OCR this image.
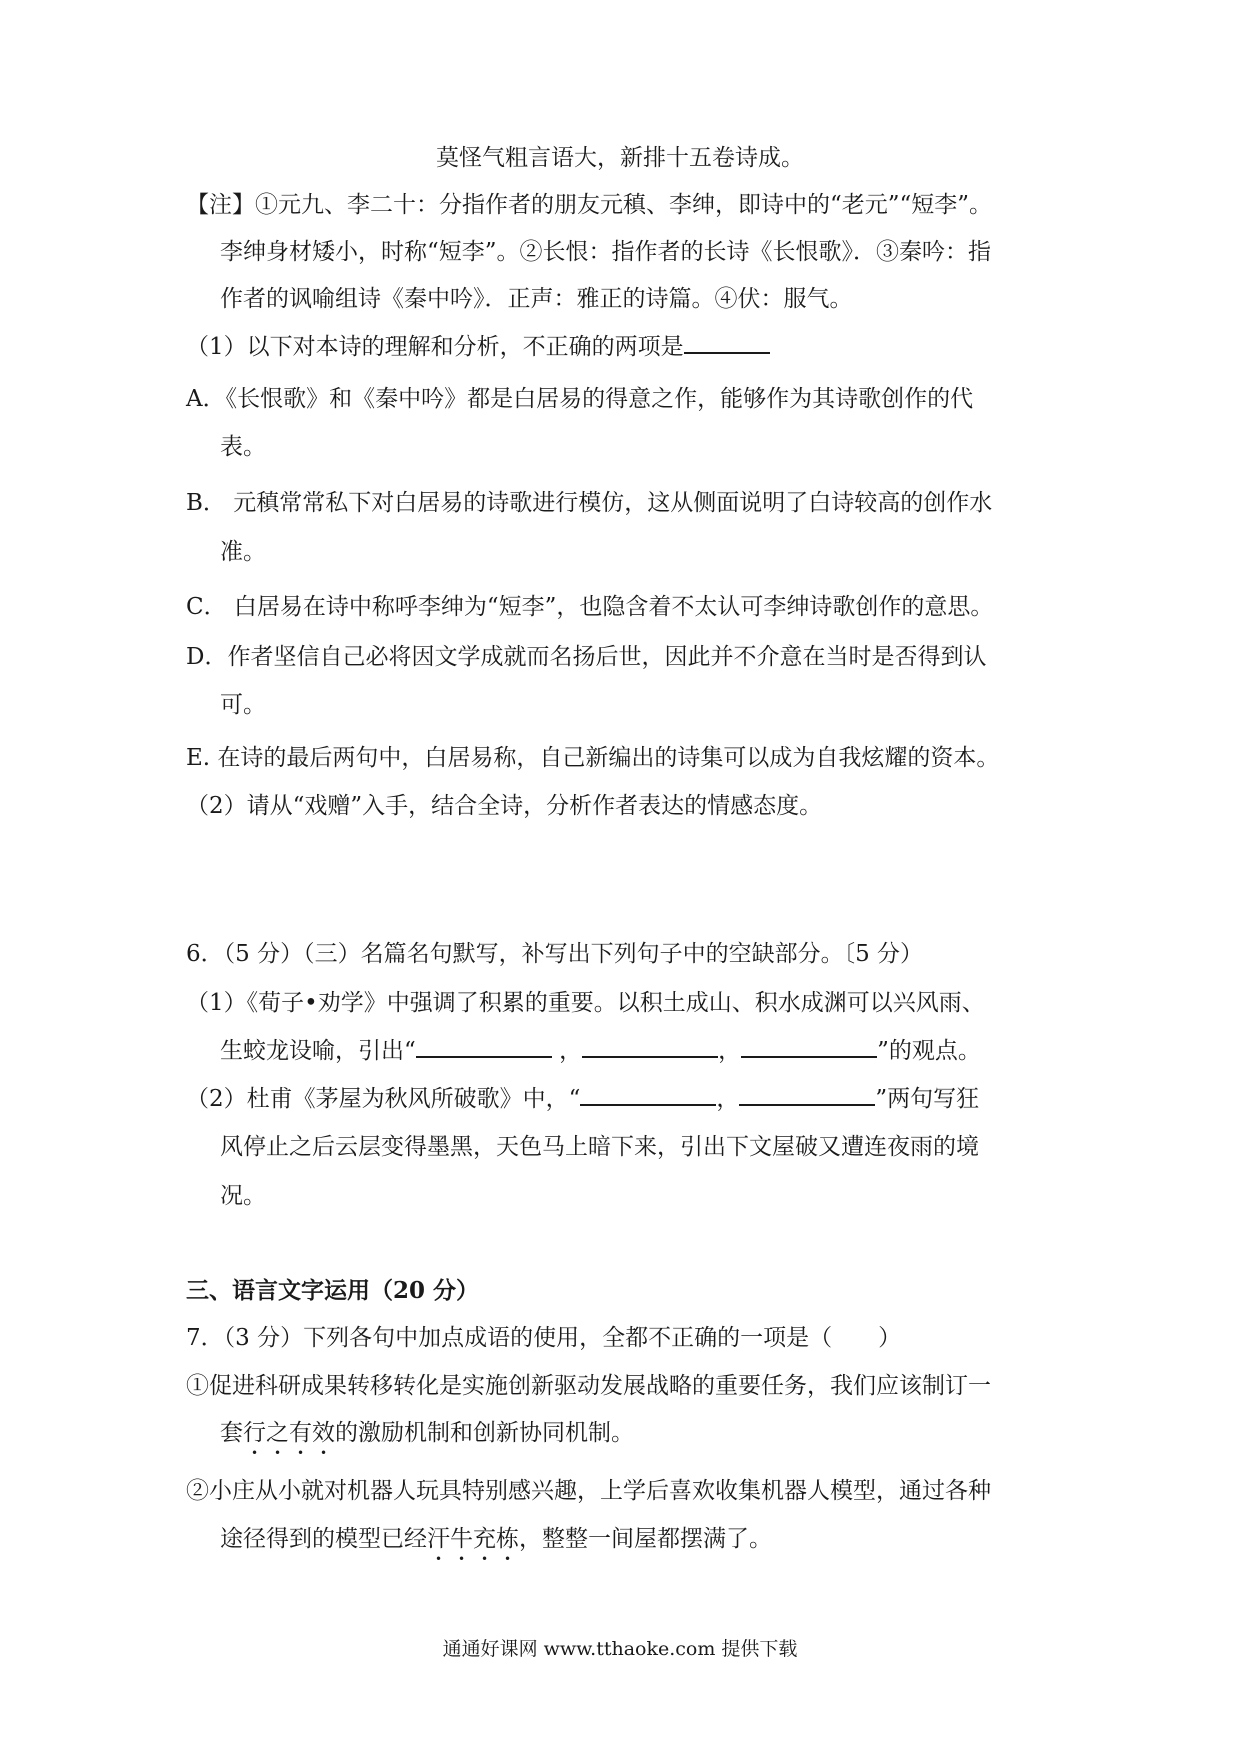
莫怪气粗言语大，新排十五卷诗成。
【注】①元九、李二十：分指作者的朋友元稹、李绅，即诗中的“老元”“短李”。
李绅身材矮小，时称“短李”。②长恨：指作者的长诗《长恨歌》．③秦吟：指
作者的讽喻组诗《秦中吟》．正声：雅正的诗篇。④伏：服气。
（1）以下对本诗的理解和分析，不正确的两项是
A．《长恨歌》和《秦中吟》都是白居易的得意之作，能够作为其诗歌创作的代
表。
B． 元稹常常私下对白居易的诗歌进行模仿，这从侧面说明了白诗较高的创作水
准。
C． 白居易在诗中称呼李绅为“短李”，也隐含着不太认可李绅诗歌创作的意思。
D．作者坚信自己必将因文学成就而名扬后世，因此并不介意在当时是否得到认
可。
E. 在诗的最后两句中，白居易称，自己新编出的诗集可以成为自我炫耀的资本。
（2）请从“戏赠”入手，结合全诗，分析作者表达的情感态度。
6．（5 分）（三）名篇名句默写，补写出下列句子中的空缺部分。〔5 分）
（1）《荀子•劝学》中强调了积累的重要。以积土成山、积水成渊可以兴风雨、
生蛟龙设喻，引出“	，	，	”的观点。
（2）杜甫《茅屋为秋风所破歌》中，“	，	”两句写狂
风停止之后云层变得墨黑，天色马上暗下来，引出下文屋破又遭连夜雨的境
况。
三、语言文字运用（20 分）
7．（3 分）下列各句中加点成语的使用，全都不正确的一项是（　　）
①促进科研成果转移转化是实施创新驱动发展战略的重要任务，我们应该制订一
套行之有效的激励机制和创新协同机制。
②小庄从小就对机器人玩具特别感兴趣，上学后喜欢收集机器人模型，通过各种
途径得到的模型已经汗牛充栋，整整一间屋都摆满了。
通通好课网 www.tthaoke.com 提供下载
